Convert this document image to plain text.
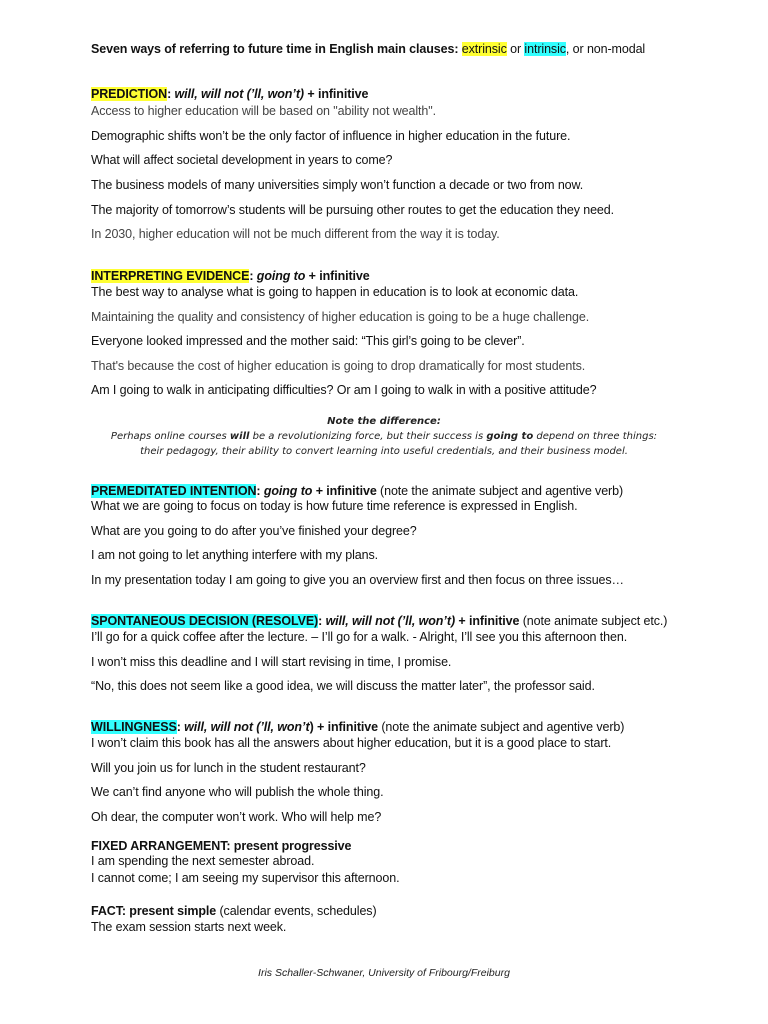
Seven ways of referring to future time in English main clauses: extrinsic or intrinsic, or non-modal
PREDICTION: will, will not (’ll, won’t) + infinitive
Access to higher education will be based on "ability not wealth".
Demographic shifts won’t be the only factor of influence in higher education in the future.
What will affect societal development in years to come?
The business models of many universities simply won’t function a decade or two from now.
The majority of tomorrow’s students will be pursuing other routes to get the education they need.
In 2030, higher education will not be much different from the way it is today.
INTERPRETING EVIDENCE: going to + infinitive
The best way to analyse what is going to happen in education is to look at economic data.
Maintaining the quality and consistency of higher education is going to be a huge challenge.
Everyone looked impressed and the mother said: “This girl’s going to be clever”.
That's because the cost of higher education is going to drop dramatically for most students.
Am I going to walk in anticipating difficulties? Or am I going to walk in with a positive attitude?
Note the difference:
Perhaps online courses will be a revolutionizing force, but their success is going to depend on three things:
their pedagogy, their ability to convert learning into useful credentials, and their business model.
PREMEDITATED INTENTION: going to + infinitive (note the animate subject and agentive verb)
What we are going to focus on today is how future time reference is expressed in English.
What are you going to do after you’ve finished your degree?
I am not going to let anything interfere with my plans.
In my presentation today I am going to give you an overview first and then focus on three issues…
SPONTANEOUS DECISION (RESOLVE): will, will not (’ll, won’t) + infinitive (note animate subject etc.)
I’ll go for a quick coffee after the lecture. – I’ll go for a walk. - Alright, I’ll see you this afternoon then.
I won’t miss this deadline and I will start revising in time, I promise.
“No, this does not seem like a good idea, we will discuss the matter later”, the professor said.
WILLINGNESS: will, will not (’ll, won’t) + infinitive (note the animate subject and agentive verb)
I won’t claim this book has all the answers about higher education, but it is a good place to start.
Will you join us for lunch in the student restaurant?
We can’t find anyone who will publish the whole thing.
Oh dear, the computer won’t work. Who will help me?
FIXED ARRANGEMENT: present progressive
I am spending the next semester abroad.
I cannot come; I am seeing my supervisor this afternoon.
FACT: present simple (calendar events, schedules)
The exam session starts next week.
Iris Schaller-Schwaner, University of Fribourg/Freiburg
